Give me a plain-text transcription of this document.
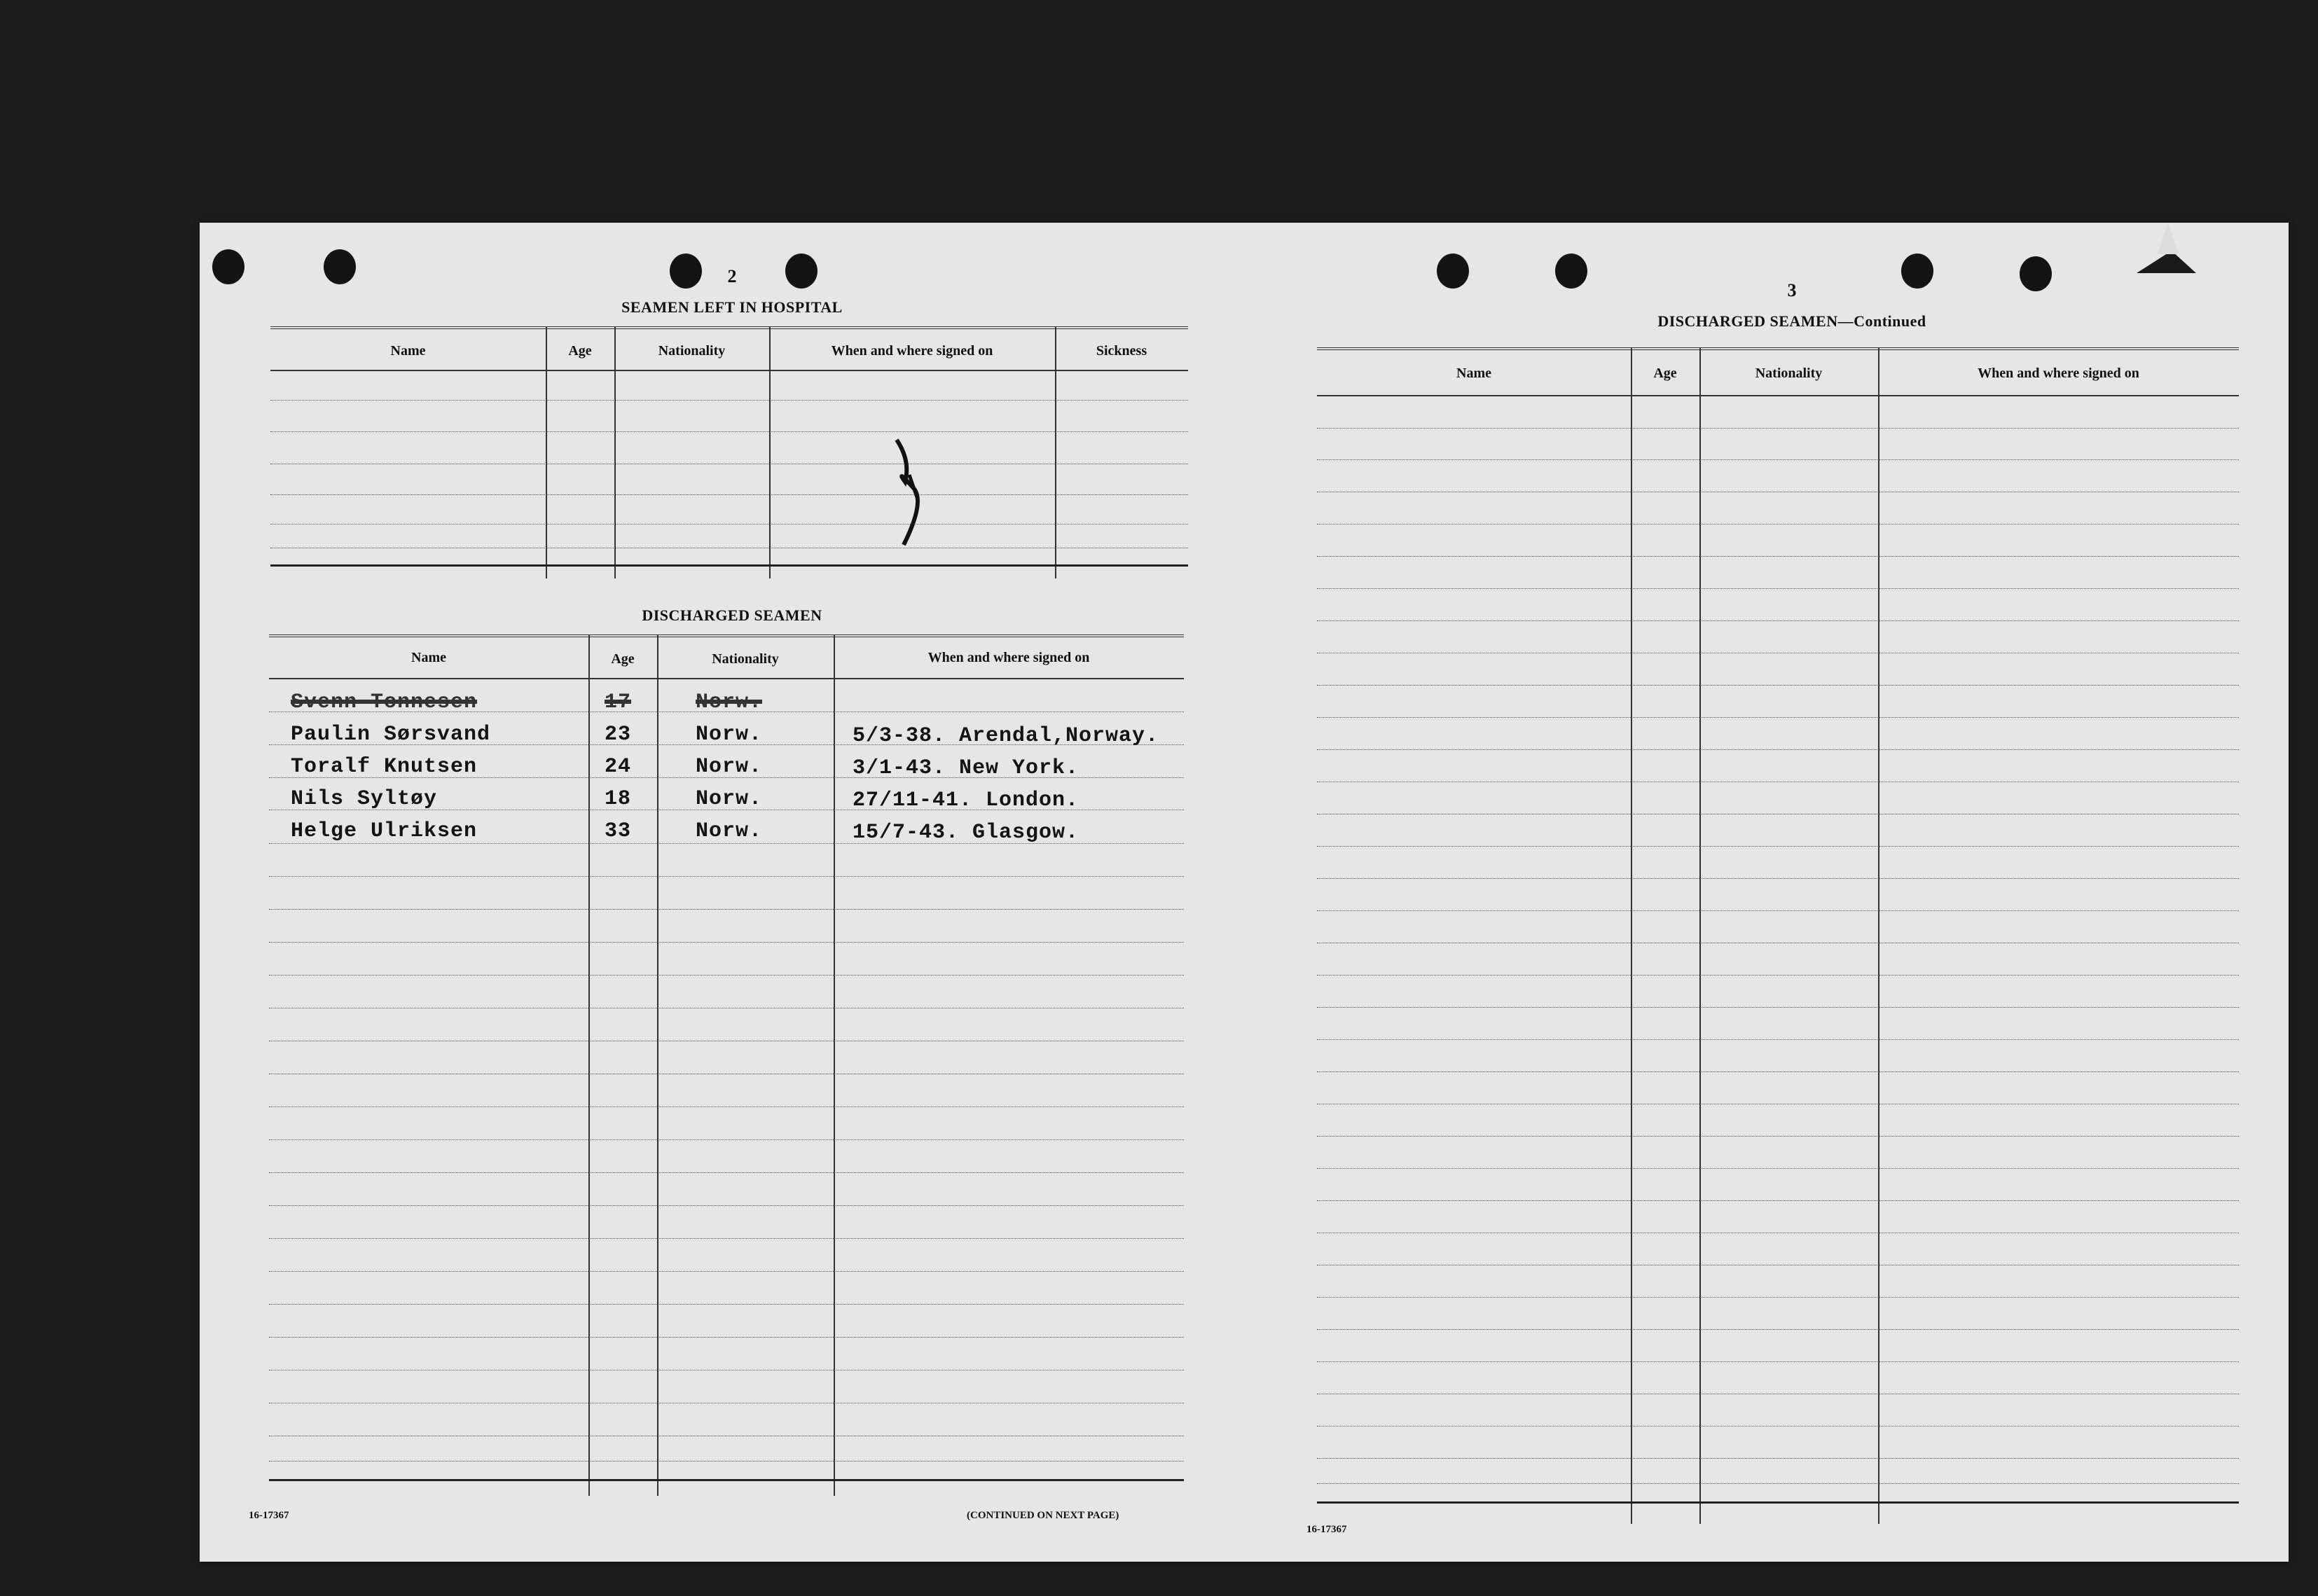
2
SEAMEN LEFT IN HOSPITAL
Name	Age	Nationality	When and where signed on	Sickness
DISCHARGED SEAMEN
Name	Age	Nationality	When and where signed on
Svenn Tonnesen	17	Norw.
Paulin Sørsvand	23	Norw.	5/3-38. Arendal,Norway.
Toralf Knutsen	24	Norw.	3/1-43. New York.
Nils Syltøy	18	Norw.	27/11-41. London.
Helge Ulriksen	33	Norw.	15/7-43. Glasgow.
16-17367	(CONTINUED ON NEXT PAGE)
3
DISCHARGED SEAMEN—Continued
Name	Age	Nationality	When and where signed on
16-17367
